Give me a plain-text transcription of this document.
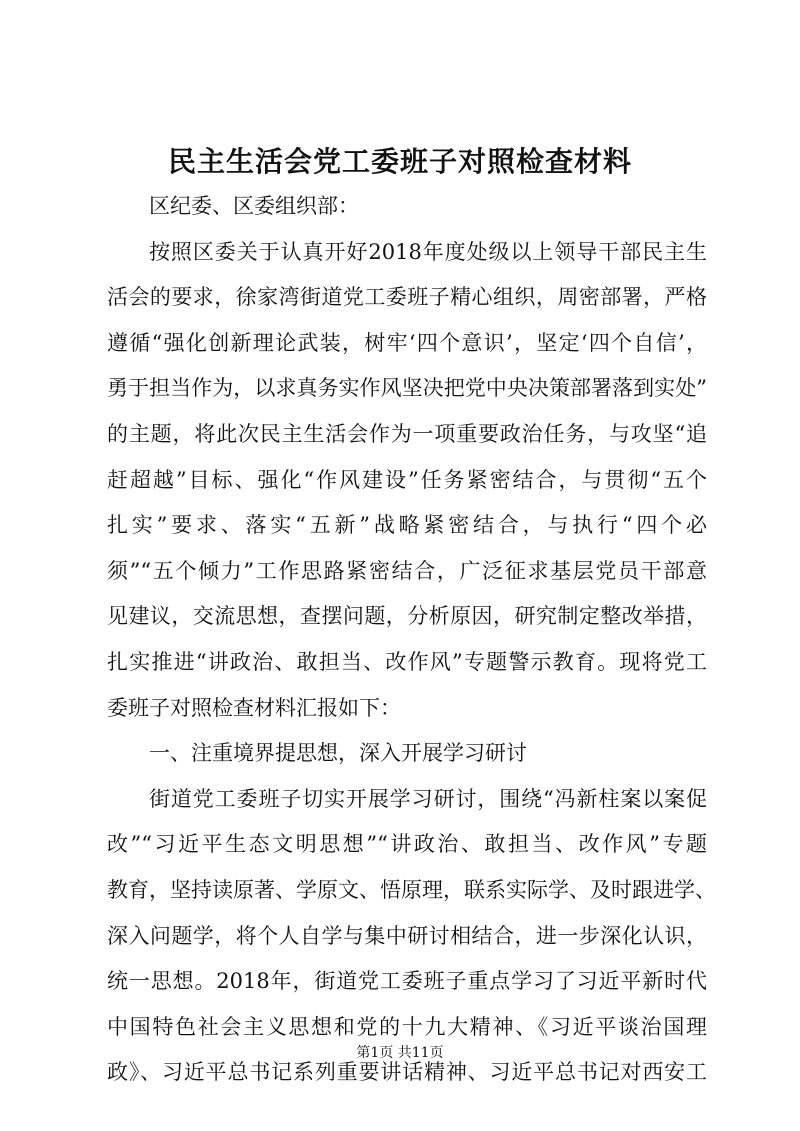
民主生活会党工委班子对照检查材料
区纪委、区委组织部：
按照区委关于认真开好2018年度处级以上领导干部民主生
活会的要求，徐家湾街道党工委班子精心组织，周密部署，严格
遵循“强化创新理论武装，树牢‘四个意识’，坚定‘四个自信’，
勇于担当作为，以求真务实作风坚决把党中央决策部署落到实处”
的主题，将此次民主生活会作为一项重要政治任务，与攻坚“追
赶超越”目标、强化“作风建设”任务紧密结合，与贯彻“五个
扎实”要求、落实“五新”战略紧密结合，与执行“四个必
须”“五个倾力”工作思路紧密结合，广泛征求基层党员干部意
见建议，交流思想，查摆问题，分析原因，研究制定整改举措，
扎实推进“讲政治、敢担当、改作风”专题警示教育。现将党工
委班子对照检查材料汇报如下：
一、注重境界提思想，深入开展学习研讨
街道党工委班子切实开展学习研讨，围绕“冯新柱案以案促
改”“习近平生态文明思想”“讲政治、敢担当、改作风”专题
教育，坚持读原著、学原文、悟原理，联系实际学、及时跟进学、
深入问题学，将个人自学与集中研讨相结合，进一步深化认识，
统一思想。2018年，街道党工委班子重点学习了习近平新时代
中国特色社会主义思想和党的十九大精神、《习近平谈治国理
政》、习近平总书记系列重要讲话精神、习近平总书记对西安工
第1页 共11页
